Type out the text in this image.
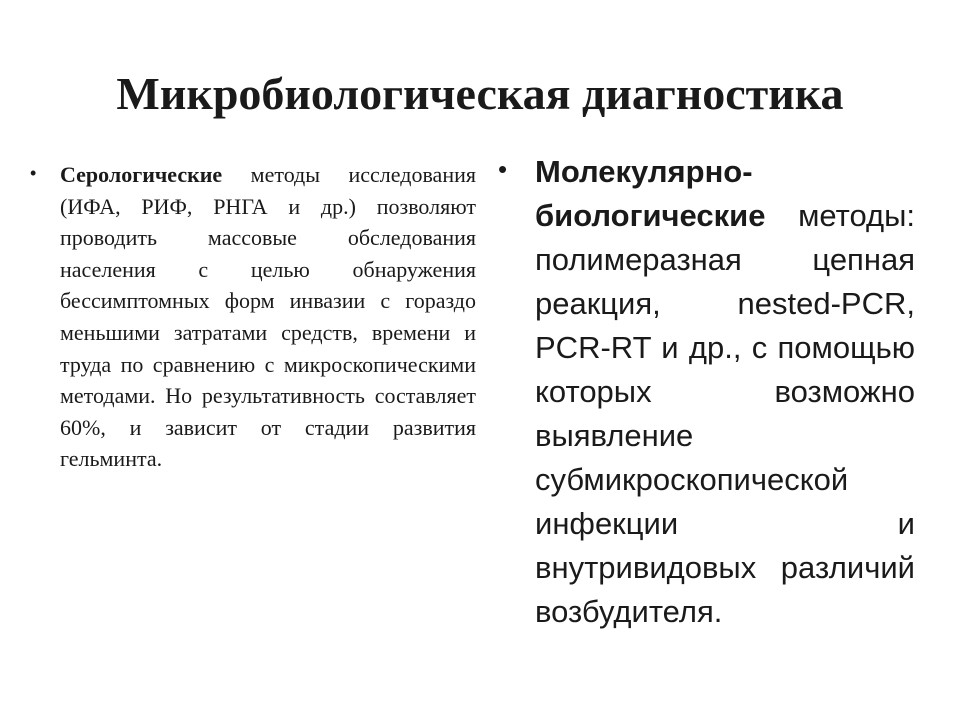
Микробиологическая диагностика
• Серологические методы исследования (ИФА, РИФ, РНГА и др.) позволяют проводить массовые обследования населения с целью обнаружения бессимптомных форм инвазии с гораздо меньшими затратами средств, времени и труда по сравнению с микроскопическими методами. Но результативность составляет 60%, и зависит от стадии развития гельминта.

• Молекулярно-биологические методы: полимеразная цепная реакция, nested-PCR, PCR-RT и др., с помощью которых возможно выявление субмикроскопической инфекции и внутривидовых различий возбудителя.
